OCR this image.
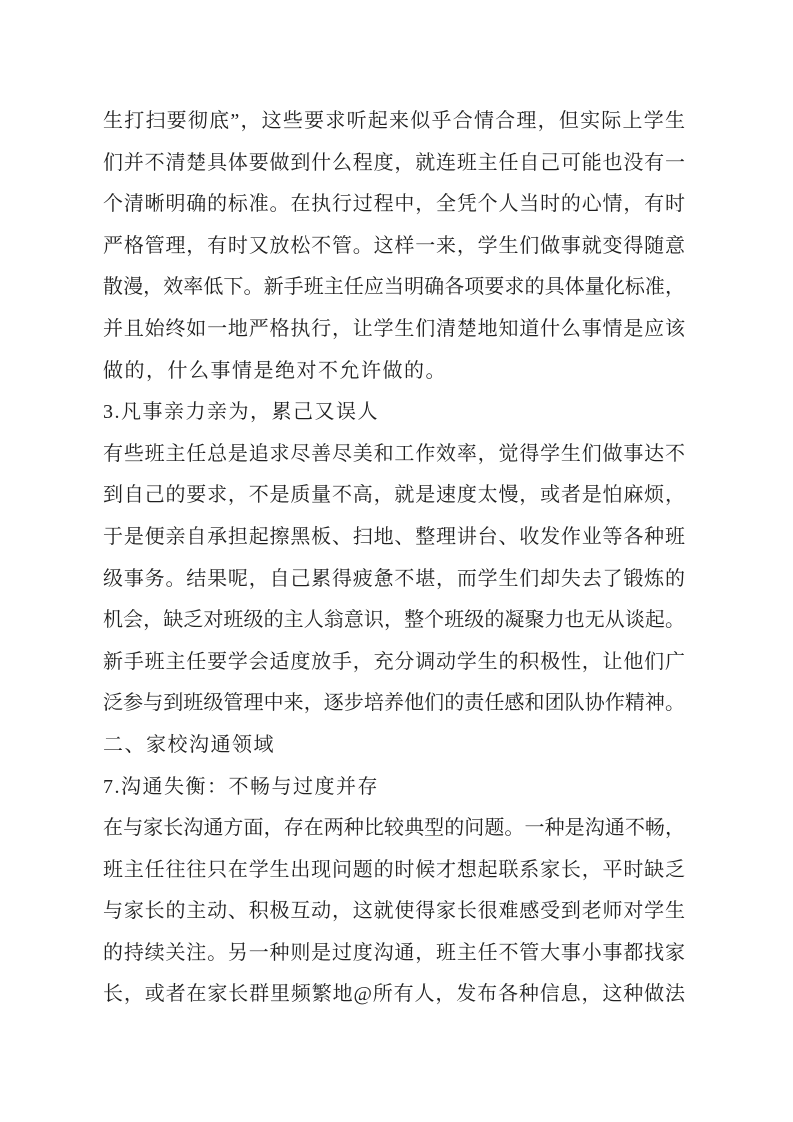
生打扫要彻底”，这些要求听起来似乎合情合理，但实际上学生
们并不清楚具体要做到什么程度，就连班主任自己可能也没有一
个清晰明确的标准。在执行过程中，全凭个人当时的心情，有时
严格管理，有时又放松不管。这样一来，学生们做事就变得随意
散漫，效率低下。新手班主任应当明确各项要求的具体量化标准，
并且始终如一地严格执行，让学生们清楚地知道什么事情是应该
做的，什么事情是绝对不允许做的。
3.凡事亲力亲为，累己又误人
有些班主任总是追求尽善尽美和工作效率，觉得学生们做事达不
到自己的要求，不是质量不高，就是速度太慢，或者是怕麻烦，
于是便亲自承担起擦黑板、扫地、整理讲台、收发作业等各种班
级事务。结果呢，自己累得疲惫不堪，而学生们却失去了锻炼的
机会，缺乏对班级的主人翁意识，整个班级的凝聚力也无从谈起。
新手班主任要学会适度放手，充分调动学生的积极性，让他们广
泛参与到班级管理中来，逐步培养他们的责任感和团队协作精神。
二、家校沟通领域
7.沟通失衡：不畅与过度并存
在与家长沟通方面，存在两种比较典型的问题。一种是沟通不畅，
班主任往往只在学生出现问题的时候才想起联系家长，平时缺乏
与家长的主动、积极互动，这就使得家长很难感受到老师对学生
的持续关注。另一种则是过度沟通，班主任不管大事小事都找家
长，或者在家长群里频繁地@所有人，发布各种信息，这种做法
